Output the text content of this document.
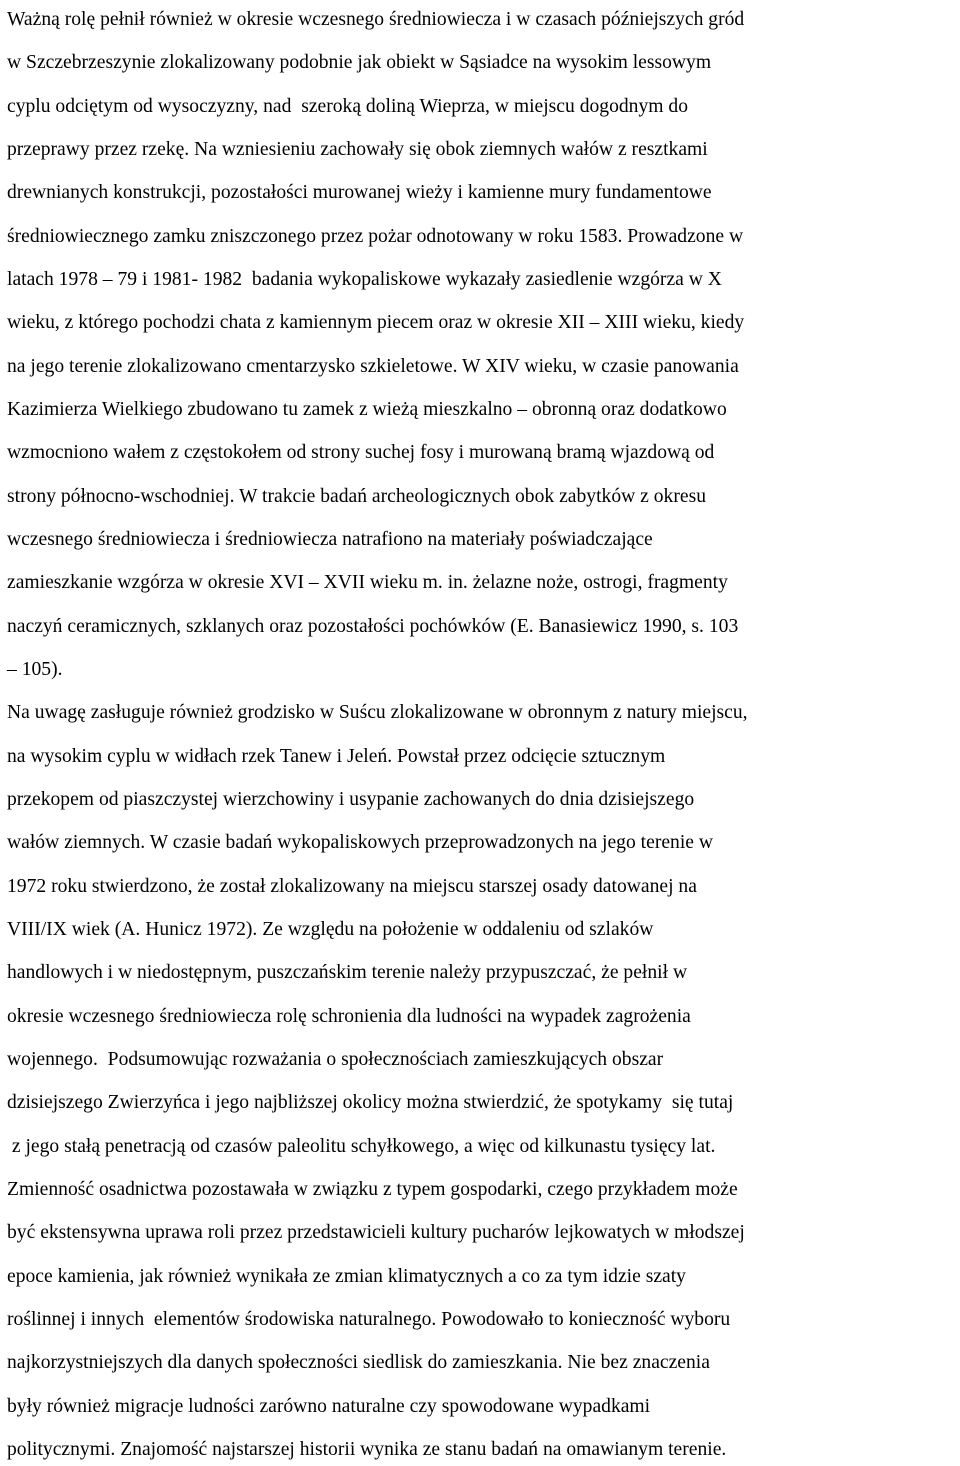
Ważną rolę pełnił również w okresie wczesnego średniowiecza i w czasach późniejszych gród
w Szczebrzeszynie zlokalizowany podobnie jak obiekt w Sąsiadce na wysokim lessowym
cyplu odciętym od wysoczyzny, nad  szeroką doliną Wieprza, w miejscu dogodnym do
przeprawy przez rzekę. Na wzniesieniu zachowały się obok ziemnych wałów z resztkami
drewnianych konstrukcji, pozostałości murowanej wieży i kamienne mury fundamentowe
średniowiecznego zamku zniszczonego przez pożar odnotowany w roku 1583. Prowadzone w
latach 1978 – 79 i 1981- 1982  badania wykopaliskowe wykazały zasiedlenie wzgórza w X
wieku, z którego pochodzi chata z kamiennym piecem oraz w okresie XII – XIII wieku, kiedy
na jego terenie zlokalizowano cmentarzysko szkieletowe. W XIV wieku, w czasie panowania
Kazimierza Wielkiego zbudowano tu zamek z wieżą mieszkalno – obronną oraz dodatkowo
wzmocniono wałem z częstokołem od strony suchej fosy i murowaną bramą wjazdową od
strony północno-wschodniej. W trakcie badań archeologicznych obok zabytków z okresu
wczesnego średniowiecza i średniowiecza natrafiono na materiały poświadczające
zamieszkanie wzgórza w okresie XVI – XVII wieku m. in. żelazne noże, ostrogi, fragmenty
naczyń ceramicznych, szklanych oraz pozostałości pochówków (E. Banasiewicz 1990, s. 103
– 105).
Na uwagę zasługuje również grodzisko w Suścu zlokalizowane w obronnym z natury miejscu,
na wysokim cyplu w widłach rzek Tanew i Jeleń. Powstał przez odcięcie sztucznym
przekopem od piaszczystej wierzchowiny i usypanie zachowanych do dnia dzisiejszego
wałów ziemnych. W czasie badań wykopaliskowych przeprowadzonych na jego terenie w
1972 roku stwierdzono, że został zlokalizowany na miejscu starszej osady datowanej na
VIII/IX wiek (A. Hunicz 1972). Ze względu na położenie w oddaleniu od szlaków
handlowych i w niedostępnym, puszczańskim terenie należy przypuszczać, że pełnił w
okresie wczesnego średniowiecza rolę schronienia dla ludności na wypadek zagrożenia
wojennego.  Podsumowując rozważania o społecznościach zamieszkujących obszar
dzisiejszego Zwierzyńca i jego najbliższej okolicy można stwierdzić, że spotykamy  się tutaj
z jego stałą penetracją od czasów paleolitu schyłkowego, a więc od kilkunastu tysięcy lat.
Zmienność osadnictwa pozostawała w związku z typem gospodarki, czego przykładem może
być ekstensywna uprawa roli przez przedstawicieli kultury pucharów lejkowatych w młodszej
epoce kamienia, jak również wynikała ze zmian klimatycznych a co za tym idzie szaty
roślinnej i innych  elementów środowiska naturalnego. Powodowało to konieczność wyboru
najkorzystniejszych dla danych społeczności siedlisk do zamieszkania. Nie bez znaczenia
były również migracje ludności zarówno naturalne czy spowodowane wypadkami
politycznymi. Znajomość najstarszej historii wynika ze stanu badań na omawianym terenie.
